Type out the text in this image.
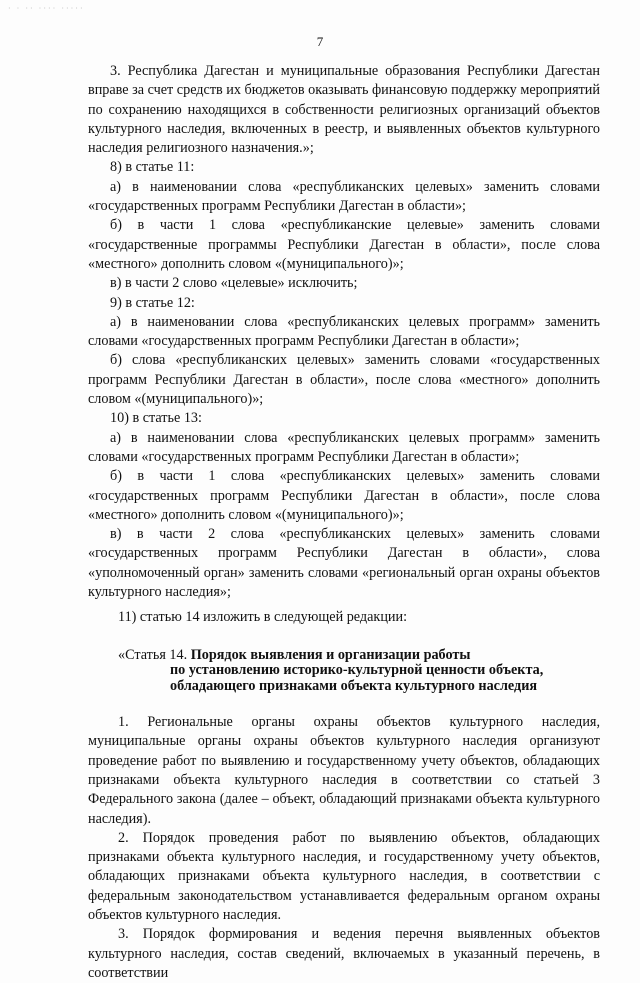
· · ·· ···· ·····
7

3. Республика Дагестан и муниципальные образования Республики Дагестан вправе за счет средств их бюджетов оказывать финансовую поддержку мероприятий по сохранению находящихся в собственности религиозных организаций объектов культурного наследия, включенных в реестр, и выявленных объектов культурного наследия религиозного назначения.»;

8) в статье 11:

а) в наименовании слова «республиканских целевых» заменить словами «государственных программ Республики Дагестан в области»;

б) в части 1 слова «республиканские целевые» заменить словами «государственные программы Республики Дагестан в области», после слова «местного» дополнить словом «(муниципального)»;

в) в части 2 слово «целевые» исключить;

9) в статье 12:

а) в наименовании слова «республиканских целевых программ» заменить словами «государственных программ Республики Дагестан в области»;

б) слова «республиканских целевых» заменить словами «государственных программ Республики Дагестан в области», после слова «местного» дополнить словом «(муниципального)»;

10) в статье 13:

а) в наименовании слова «республиканских целевых программ» заменить словами «государственных программ Республики Дагестан в области»;

б) в части 1 слова «республиканских целевых» заменить словами «государственных программ Республики Дагестан в области», после слова «местного» дополнить словом «(муниципального)»;

в) в части 2 слова «республиканских целевых» заменить словами «государственных программ Республики Дагестан в области», слова «уполномоченный орган» заменить словами «региональный орган охраны объектов культурного наследия»;

11) статью 14 изложить в следующей редакции:

«Статья 14. Порядок выявления и организации работы
по установлению историко-культурной ценности объекта,
обладающего признаками объекта культурного наследия

1. Региональные органы охраны объектов культурного наследия, муниципальные органы охраны объектов культурного наследия организуют проведение работ по выявлению и государственному учету объектов, обладающих признаками объекта культурного наследия в соответствии со статьей 3 Федерального закона (далее – объект, обладающий признаками объекта культурного наследия).

2. Порядок проведения работ по выявлению объектов, обладающих признаками объекта культурного наследия, и государственному учету объектов, обладающих признаками объекта культурного наследия, в соответствии с федеральным законодательством устанавливается федеральным органом охраны объектов культурного наследия.

3. Порядок формирования и ведения перечня выявленных объектов культурного наследия, состав сведений, включаемых в указанный перечень, в соответствии
